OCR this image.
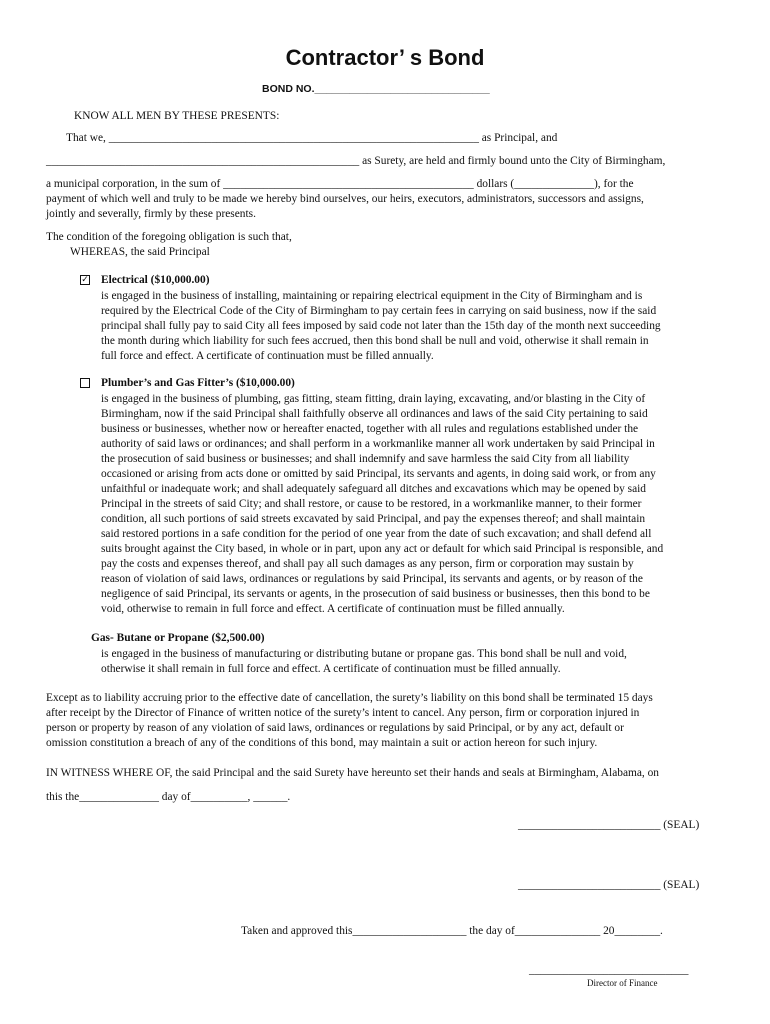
Contractor’ s Bond
BOND NO.______________________________
KNOW ALL MEN BY THESE PRESENTS:
That we, _________________________________________________________________ as Principal, and
_______________________________________________________ as Surety, are held and firmly bound unto the City of Birmingham,
a municipal corporation, in the sum of ____________________________________________ dollars (______________), for the
payment of which well and truly to be made we hereby bind ourselves, our heirs, executors, administrators, successors and assigns,
jointly and severally, firmly by these presents.
The condition of the foregoing obligation is such that,
WHEREAS, the said Principal
✓ Electrical ($10,000.00)

is engaged in the business of installing, maintaining or repairing electrical equipment in the City of Birmingham and is

required by the Electrical Code of the City of Birmingham to pay certain fees in carrying on said business, now if the said

principal shall fully pay to said City all fees imposed by said code not later than the 15th day of the month next succeeding

the month during which liability for such fees accrued, then this bond shall be null and void, otherwise it shall remain in

full force and effect. A certificate of continuation must be filled annually.

Plumber’s and Gas Fitter’s ($10,000.00)

is engaged in the business of plumbing, gas fitting, steam fitting, drain laying, excavating, and/or blasting in the City of

Birmingham, now if the said Principal shall faithfully observe all ordinances and laws of the said City pertaining to said

business or businesses, whether now or hereafter enacted, together with all rules and regulations established under the

authority of said laws or ordinances; and shall perform in a workmanlike manner all work undertaken by said Principal in

the prosecution of said business or businesses; and shall indemnify and save harmless the said City from all liability

occasioned or arising from acts done or omitted by said Principal, its servants and agents, in doing said work, or from any

unfaithful or inadequate work; and shall adequately safeguard all ditches and excavations which may be opened by said

Principal in the streets of said City; and shall restore, or cause to be restored, in a workmanlike manner, to their former

condition, all such portions of said streets excavated by said Principal, and pay the expenses thereof; and shall maintain

said restored portions in a safe condition for the period of one year from the date of such excavation; and shall defend all

suits brought against the City based, in whole or in part, upon any act or default for which said Principal is responsible, and

pay the costs and expenses thereof, and shall pay all such damages as any person, firm or corporation may sustain by

reason of violation of said laws, ordinances or regulations by said Principal, its servants and agents, or by reason of the

negligence of said Principal, its servants or agents, in the prosecution of said business or businesses, then this bond to be

void, otherwise to remain in full force and effect. A certificate of continuation must be filled annually.

Gas- Butane or Propane ($2,500.00)

is engaged in the business of manufacturing or distributing butane or propane gas. This bond shall be null and void,

otherwise it shall remain in full force and effect. A certificate of continuation must be filled annually.

Except as to liability accruing prior to the effective date of cancellation, the surety’s liability on this bond shall be terminated 15 days

after receipt by the Director of Finance of written notice of the surety’s intent to cancel. Any person, firm or corporation injured in

person or property by reason of any violation of said laws, ordinances or regulations by said Principal, or by any act, default or

omission constitution a breach of any of the conditions of this bond, may maintain a suit or action hereon for such injury.

IN WITNESS WHERE OF, the said Principal and the said Surety have hereunto set their hands and seals at Birmingham, Alabama, on
this the______________ day of__________, ______.
_________________________ (SEAL)
_________________________ (SEAL)
Taken and approved this____________________ the day of_______________ 20________.
____________________________
Director of Finance
